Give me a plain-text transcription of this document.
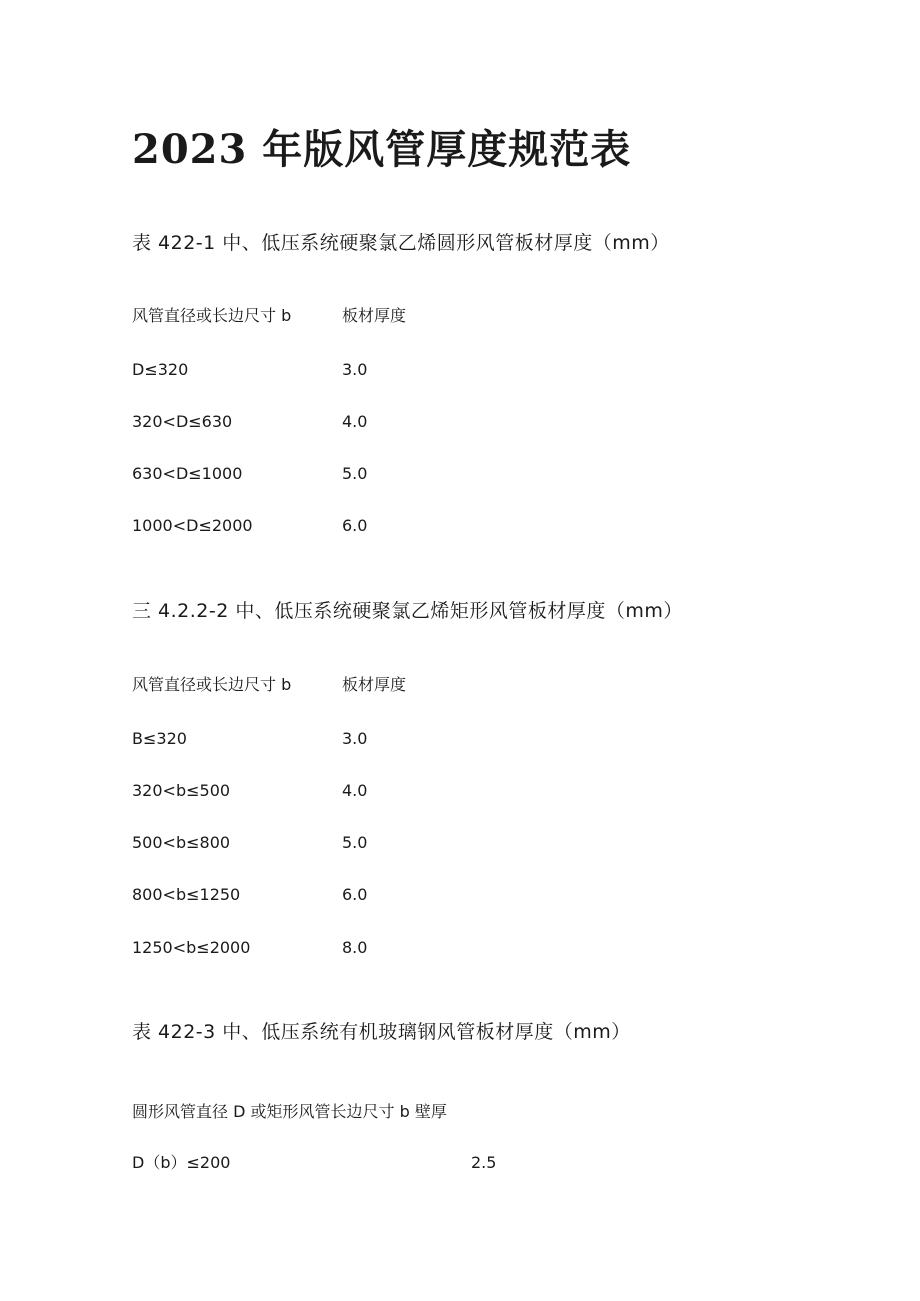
2023 年版风管厚度规范表
表 422-1 中、低压系统硬聚氯乙烯圆形风管板材厚度（mm）
风管直径或长边尺寸 b	板材厚度
D≤320	3.0
320<D≤630	4.0
630<D≤1000	5.0
1000<D≤2000	6.0
三 4.2.2-2 中、低压系统硬聚氯乙烯矩形风管板材厚度（mm）
风管直径或长边尺寸 b	板材厚度
B≤320	3.0
320<b≤500	4.0
500<b≤800	5.0
800<b≤1250	6.0
1250<b≤2000	8.0
表 422-3 中、低压系统有机玻璃钢风管板材厚度（mm）
圆形风管直径 D 或矩形风管长边尺寸 b 壁厚
D（b）≤200	2.5
